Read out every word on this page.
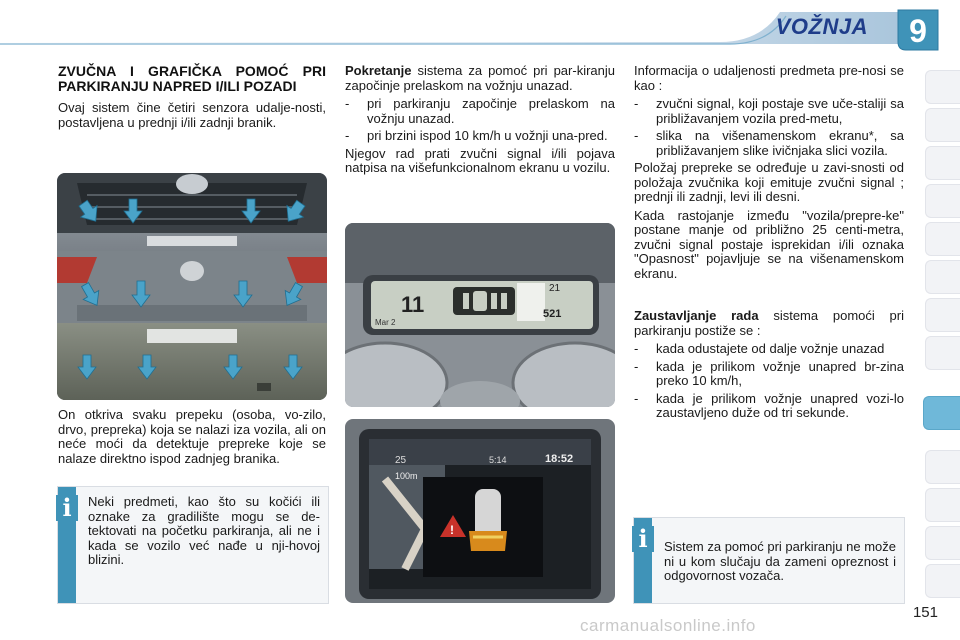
VOŽNJA	9
ZVUČNA I GRAFIČKA POMOĆ PRI PARKIRANJU NAPRED I/ILI POZADI

Ovaj sistem čine četiri senzora udalje-nosti, postavljena u prednji i/ili zadnji branik.

On otkriva svaku prepeku (osoba, vo-zilo, drvo, prepreka) koja se nalazi iza vozila, ali on neće moći da detektuje prepreke koje se nalaze direktno ispod zadnjeg branika.

i	Neki predmeti, kao što su kočići ili oznake za gradilište mogu se de-tektovati na početku parkiranja, ali ne i kada se vozilo već nađe u nji-hovoj blizini.

Pokretanje sistema za pomoć pri par-kiranju započinje prelaskom na vožnju unazad.

-	pri parkiranju započinje prelaskom na vožnju unazad.
-	pri brzini ispod 10 km/h u vožnji una-pred.

Njegov rad prati zvučni signal i/ili pojava natpisa na višefunkcionalnom ekranu u vozilu.

11
Mar 2
21
521
!
25	5:14	18:52
100m

Informacija o udaljenosti predmeta pre-nosi se kao :

-	zvučni signal, koji postaje sve uče-staliji sa približavanjem vozila pred-metu,
-	slika na višenamenskom ekranu*, sa približavanjem slike ivičnjaka slici vozila.

Položaj prepreke se određuje u zavi-snosti od položaja zvučnika koji emituje zvučni signal ; prednji ili zadnji, levi ili desni.

Kada rastojanje između "vozila/prepre-ke" postane manje od približno 25 centi-metra, zvučni signal postaje isprekidan i/ili oznaka "Opasnost" pojavljuje se na višenamenskom ekranu.

Zaustavljanje rada sistema pomoći pri parkiranju postiže se :

-	kada odustajete od dalje vožnje unazad
-	kada je prilikom vožnje unapred br-zina preko 10 km/h,
-	kada je prilikom vožnje unapred vozi-lo zaustavljeno duže od tri sekunde.
i	Sistem za pomoć pri parkiranju ne može ni u kom slučaju da zameni opreznost i odgovornost vozača.
151
carmanualsonline.info
